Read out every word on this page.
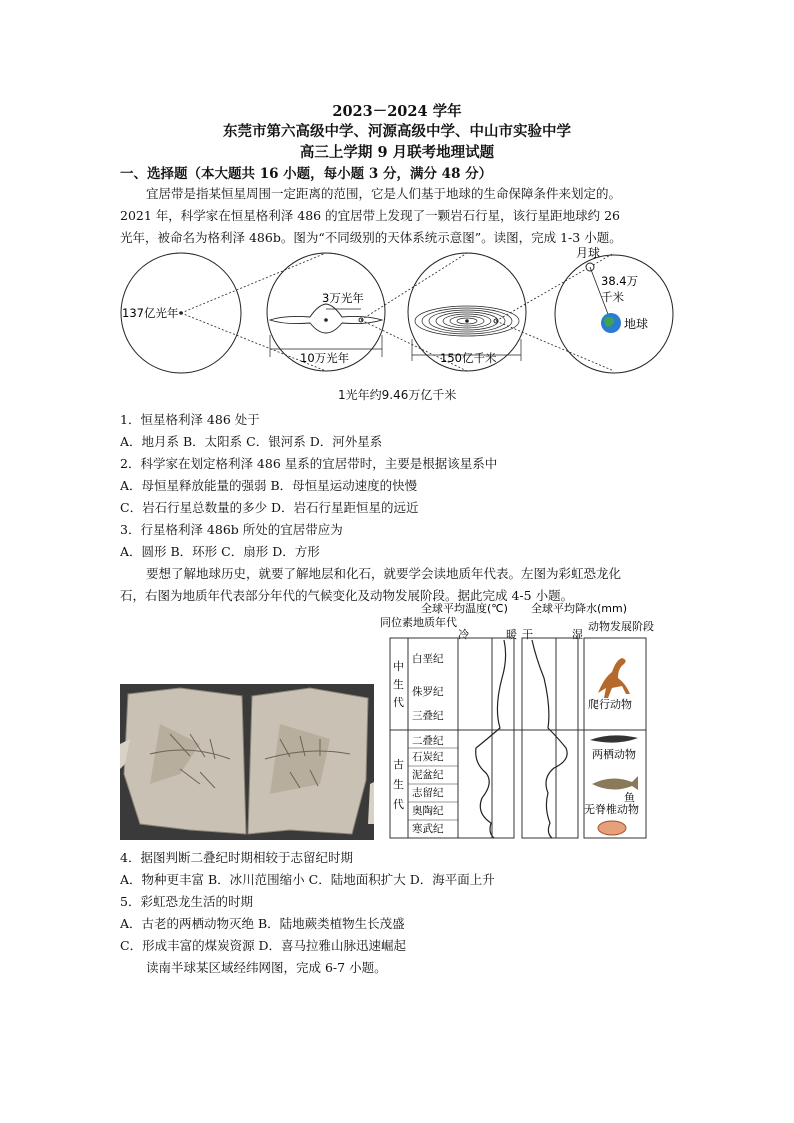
2023－2024 学年
东莞市第六高级中学、河源高级中学、中山市实验中学
高三上学期 9 月联考地理试题
一、选择题（本大题共 16 小题，每小题 3 分，满分 48 分）
宜居带是指某恒星周围一定距离的范围，它是人们基于地球的生命保障条件来划定的。
2021 年，科学家在恒星格利泽 486 的宜居带上发现了一颗岩石行星，该行星距地球约 26
光年，被命名为格利泽 486b。图为“不同级别的天体系统示意图”。读图，完成 1-3 小题。
137亿光年
3万光年
10万光年	150亿千米
月球
38.4万
千米
地球
1光年约9.46万亿千米
1．恒星格利泽 486 处于
A．地月系 B．太阳系 C．银河系 D．河外星系
2．科学家在划定格利泽 486 星系的宜居带时，主要是根据该星系中
A．母恒星释放能量的强弱 B．母恒星运动速度的快慢
C．岩石行星总数量的多少 D．岩石行星距恒星的远近
3．行星格利泽 486b 所处的宜居带应为
A．圆形 B．环形 C．扇形 D．方形
要想了解地球历史，就要了解地层和化石，就要学会读地质年代表。左图为彩虹恐龙化
石，右图为地质年代表部分年代的气候变化及动物发展阶段。据此完成 4-5 小题。
全球平均温度(℃) 全球平均降水(mm)
同位素地质年代	动物发展阶段
冷	暖 干	湿
中
生
代
古
生
代
白垩纪
侏罗纪
三叠纪
二叠纪
石炭纪
泥盆纪
志留纪
奥陶纪
寒武纪
爬行动物
两栖动物
鱼
无脊椎动物
4．据图判断二叠纪时期相较于志留纪时期
A．物种更丰富 B．冰川范围缩小 C．陆地面积扩大 D．海平面上升
5．彩虹恐龙生活的时期
A．古老的两栖动物灭绝 B．陆地蕨类植物生长茂盛
C．形成丰富的煤炭资源 D．喜马拉雅山脉迅速崛起
读南半球某区域经纬网图，完成 6-7 小题。
